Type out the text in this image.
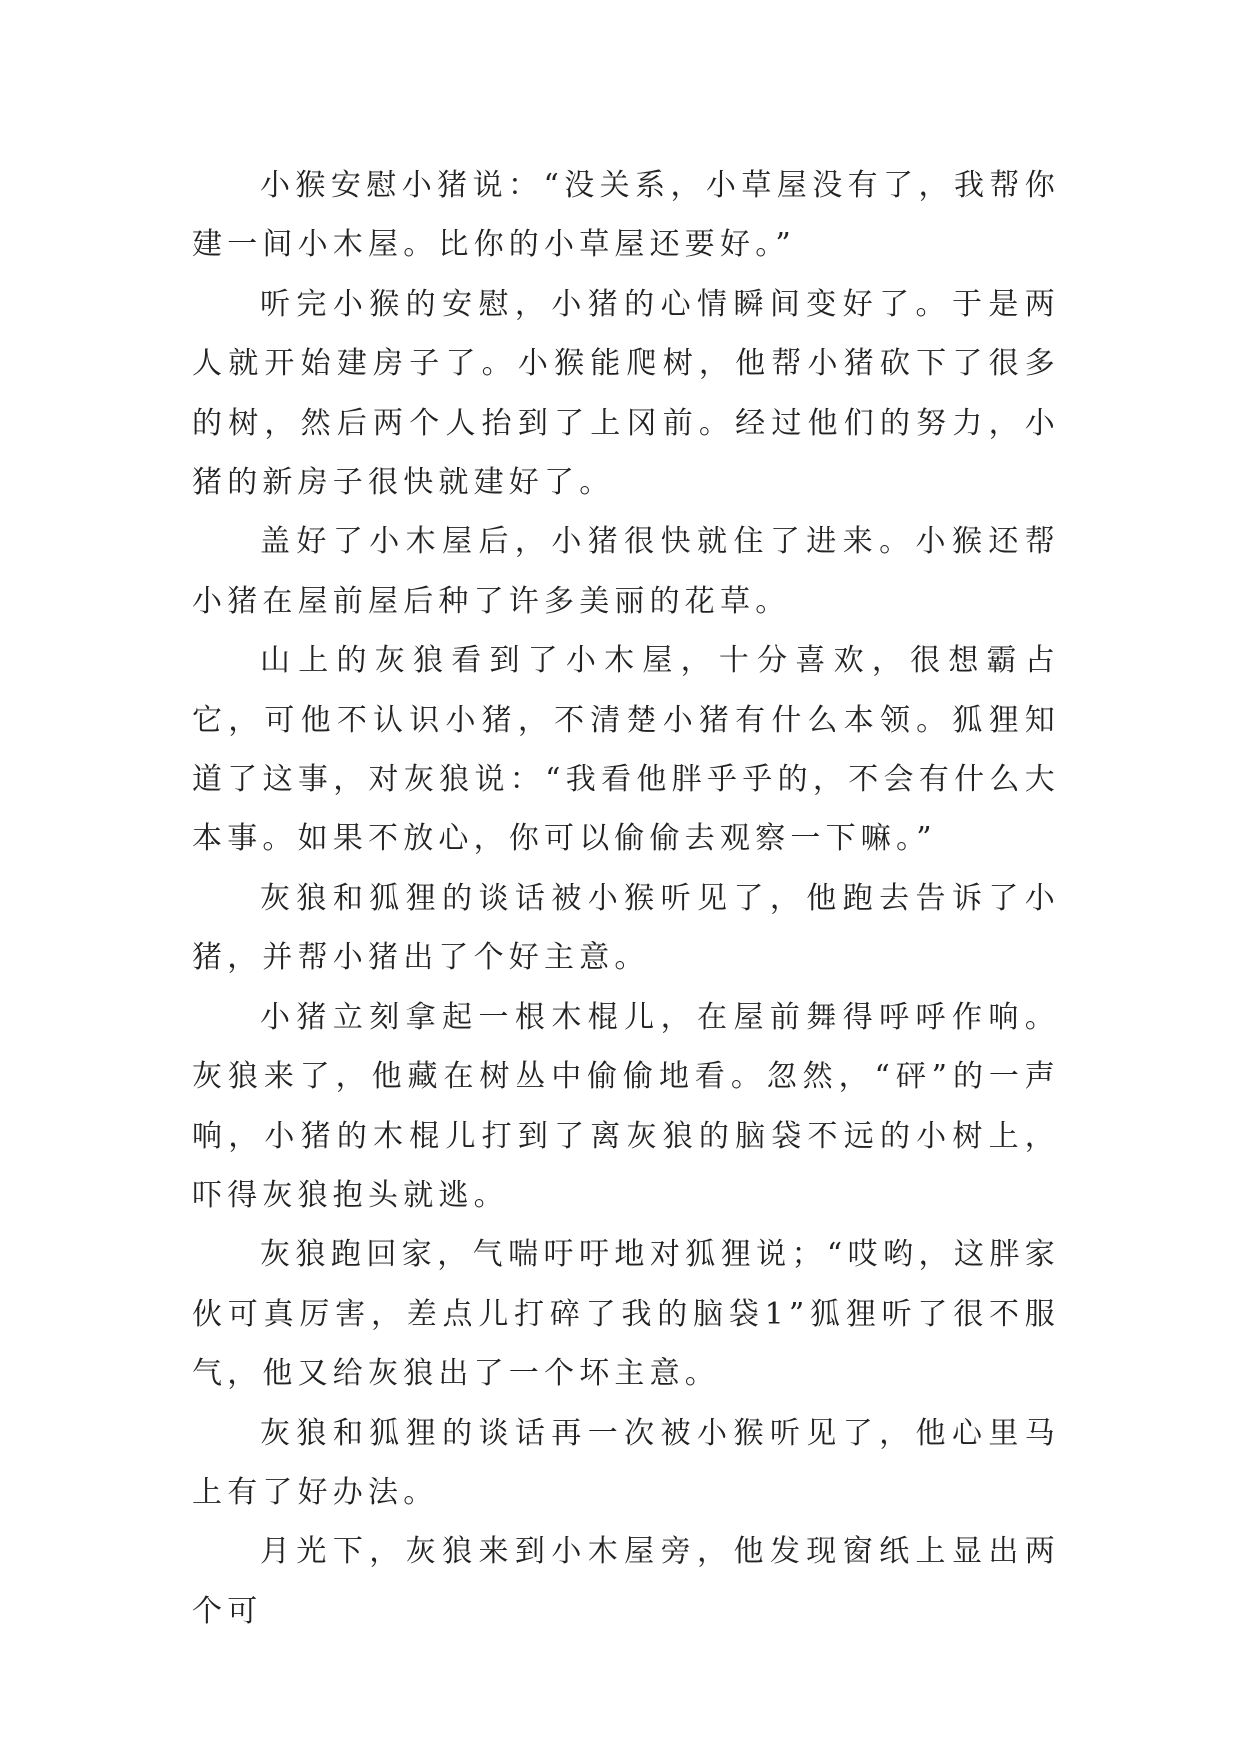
小猴安慰小猪说：“没关系，小草屋没有了，我帮你建一间小木屋。比你的小草屋还要好。”

听完小猴的安慰，小猪的心情瞬间变好了。于是两人就开始建房子了。小猴能爬树，他帮小猪砍下了很多的树，然后两个人抬到了上冈前。经过他们的努力，小猪的新房子很快就建好了。

盖好了小木屋后，小猪很快就住了进来。小猴还帮小猪在屋前屋后种了许多美丽的花草。

山上的灰狼看到了小木屋，十分喜欢，很想霸占它，可他不认识小猪，不清楚小猪有什么本领。狐狸知道了这事，对灰狼说：“我看他胖乎乎的，不会有什么大本事。如果不放心，你可以偷偷去观察一下嘛。”

灰狼和狐狸的谈话被小猴听见了，他跑去告诉了小猪，并帮小猪出了个好主意。

小猪立刻拿起一根木棍儿，在屋前舞得呼呼作响。灰狼来了，他藏在树丛中偷偷地看。忽然，“砰”的一声响，小猪的木棍儿打到了离灰狼的脑袋不远的小树上，吓得灰狼抱头就逃。

灰狼跑回家，气喘吁吁地对狐狸说；“哎哟，这胖家伙可真厉害，差点儿打碎了我的脑袋1”狐狸听了很不服气，他又给灰狼出了一个坏主意。

灰狼和狐狸的谈话再一次被小猴听见了，他心里马上有了好办法。

月光下，灰狼来到小木屋旁，他发现窗纸上显出两个可
